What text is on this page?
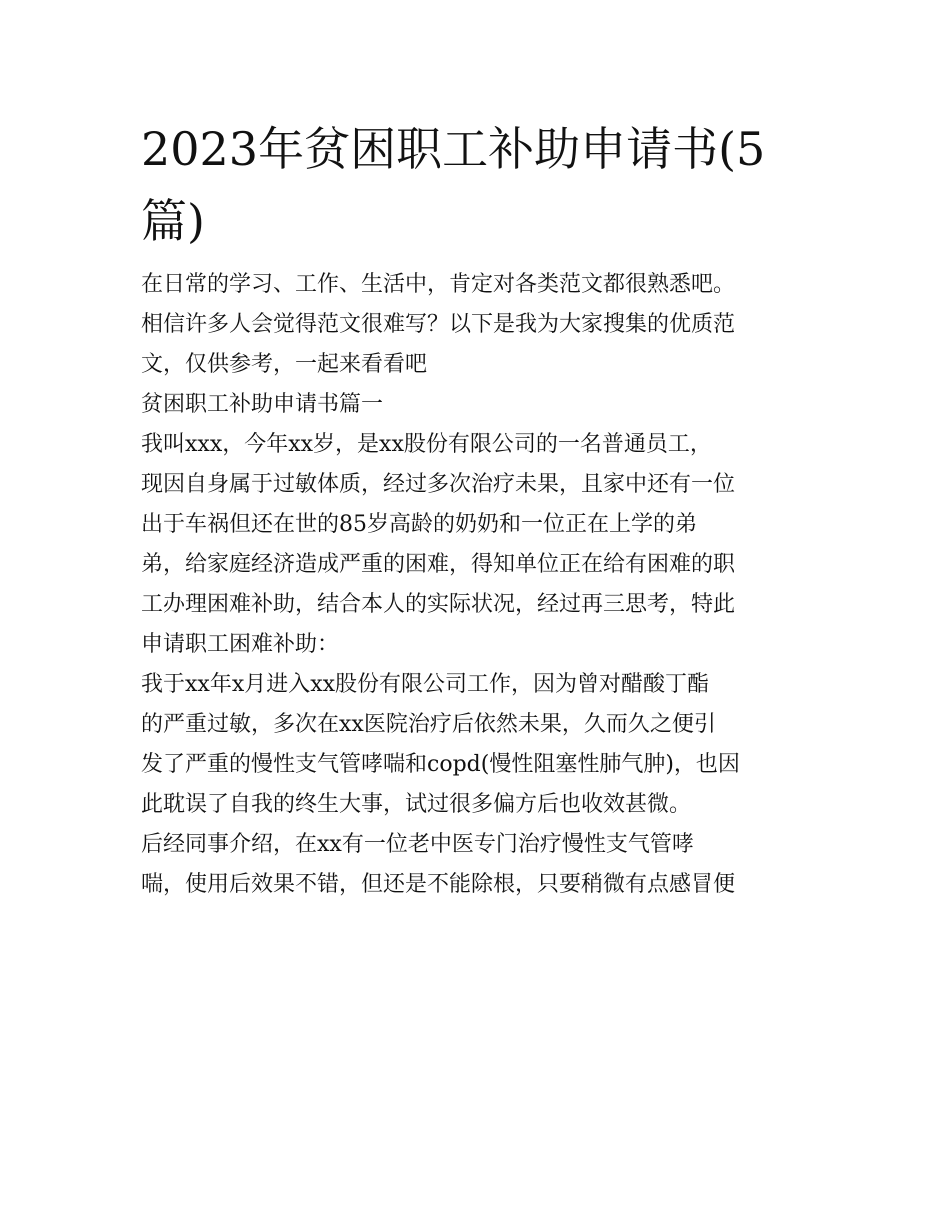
2023年贫困职工补助申请书(5篇)

在日常的学习、工作、生活中，肯定对各类范文都很熟悉吧。
相信许多人会觉得范文很难写？以下是我为大家搜集的优质范
文，仅供参考，一起来看看吧

贫困职工补助申请书篇一

我叫xxx，今年xx岁，是xx股份有限公司的一名普通员工，
现因自身属于过敏体质，经过多次治疗未果，且家中还有一位
出于车祸但还在世的85岁高龄的奶奶和一位正在上学的弟
弟，给家庭经济造成严重的困难，得知单位正在给有困难的职
工办理困难补助，结合本人的实际状况，经过再三思考，特此
申请职工困难补助：

我于xx年x月进入xx股份有限公司工作，因为曾对醋酸丁酯
的严重过敏，多次在xx医院治疗后依然未果，久而久之便引
发了严重的慢性支气管哮喘和copd(慢性阻塞性肺气肿)，也因
此耽误了自我的终生大事，试过很多偏方后也收效甚微。

后经同事介绍，在xx有一位老中医专门治疗慢性支气管哮
喘，使用后效果不错，但还是不能除根，只要稍微有点感冒便
